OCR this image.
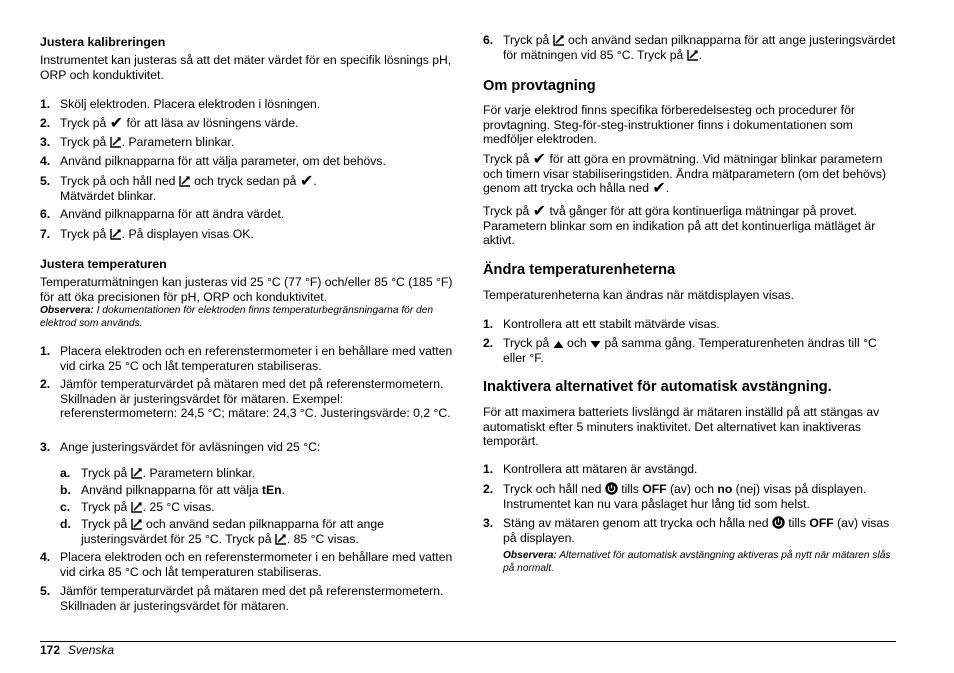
Justera kalibreringen

Instrumentet kan justeras så att det mäter värdet för en specifik lösnings pH, ORP och konduktivitet.

1. Skölj elektroden. Placera elektroden i lösningen.
2. Tryck på ✔ för att läsa av lösningens värde.
3. Tryck på . Parametern blinkar.
4. Använd pilknapparna för att välja parameter, om det behövs.
5. Tryck på och håll ned  och tryck sedan på ✔.
Mätvärdet blinkar.
6. Använd pilknapparna för att ändra värdet.
7. Tryck på . På displayen visas OK.

Justera temperaturen

Temperaturmätningen kan justeras vid 25 °C (77 °F) och/eller 85 °C (185 °F) för att öka precisionen för pH, ORP och konduktivitet.

Observera: I dokumentationen för elektroden finns temperaturbegränsningarna för den elektrod som används.

1. Placera elektroden och en referenstermometer i en behållare med vatten vid cirka 25 °C och låt temperaturen stabiliseras.
2. Jämför temperaturvärdet på mätaren med det på referenstermometern. Skillnaden är justeringsvärdet för mätaren. Exempel: referenstermometern: 24,5 °C; mätare: 24,3 °C. Justeringsvärde: 0,2 °C.
3. Ange justeringsvärdet för avläsningen vid 25 °C:
a. Tryck på . Parametern blinkar.
b. Använd pilknapparna för att välja tEn.
c. Tryck på . 25 °C visas.
d. Tryck på  och använd sedan pilknapparna för att ange justeringsvärdet för 25 °C. Tryck på . 85 °C visas.
4. Placera elektroden och en referenstermometer i en behållare med vatten vid cirka 85 °C och låt temperaturen stabiliseras.
5. Jämför temperaturvärdet på mätaren med det på referenstermometern. Skillnaden är justeringsvärdet för mätaren.
6. Tryck på  och använd sedan pilknapparna för att ange justeringsvärdet för mätningen vid 85 °C. Tryck på .

Om provtagning

För varje elektrod finns specifika förberedelsesteg och procedurer för provtagning. Steg-för-steg-instruktioner finns i dokumentationen som medföljer elektroden.

Tryck på ✔ för att göra en provmätning. Vid mätningar blinkar parametern och timern visar stabiliseringstiden. Ändra mätparametern (om det behövs) genom att trycka och hålla ned ✔.

Tryck på ✔ två gånger för att göra kontinuerliga mätningar på provet. Parametern blinkar som en indikation på att det kontinuerliga mätläget är aktivt.

Ändra temperaturenheterna

Temperaturenheterna kan ändras när mätdisplayen visas.

1. Kontrollera att ett stabilt mätvärde visas.
2. Tryck på  och  på samma gång. Temperaturenheten ändras till °C eller °F.

Inaktivera alternativet för automatisk avstängning.

För att maximera batteriets livslängd är mätaren inställd på att stängas av automatiskt efter 5 minuters inaktivitet. Det alternativet kan inaktiveras temporärt.

1. Kontrollera att mätaren är avstängd.
2. Tryck och håll ned  tills OFF (av) och no (nej) visas på displayen. Instrumentet kan nu vara påslaget hur lång tid som helst.
3. Stäng av mätaren genom att trycka och hålla ned  tills OFF (av) visas på displayen.

Observera: Alternativet för automatisk avstängning aktiveras på nytt när mätaren slås på normalt.

172 Svenska
